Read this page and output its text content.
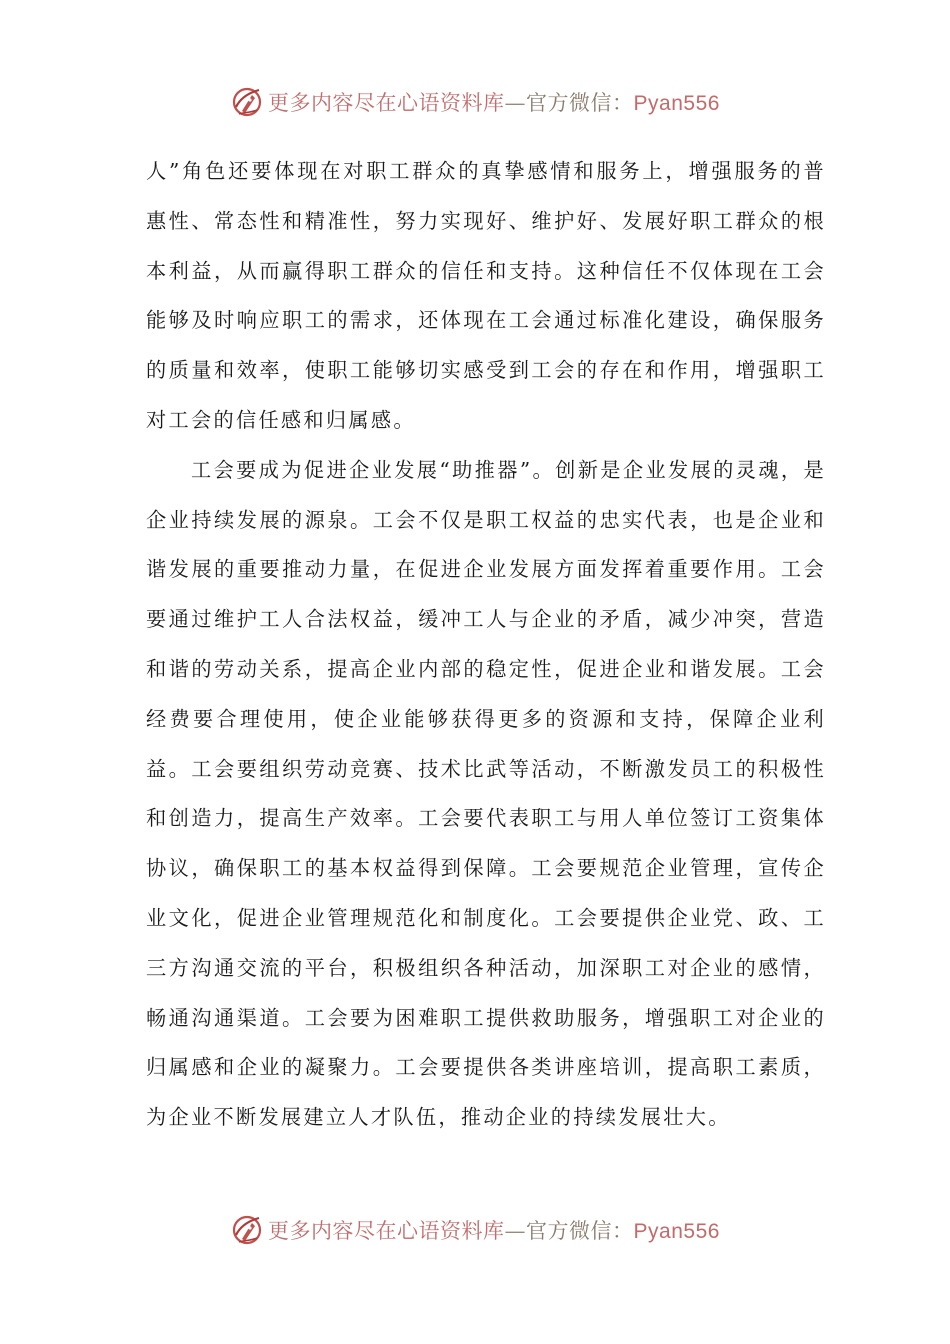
更多内容尽在心语资料库—官方微信：Pyan556

人”角色还要体现在对职工群众的真挚感情和服务上，增强服务的普惠性、常态性和精准性，努力实现好、维护好、发展好职工群众的根本利益，从而赢得职工群众的信任和支持。这种信任不仅体现在工会能够及时响应职工的需求，还体现在工会通过标准化建设，确保服务的质量和效率，使职工能够切实感受到工会的存在和作用，增强职工对工会的信任感和归属感。

工会要成为促进企业发展“助推器”。创新是企业发展的灵魂，是企业持续发展的源泉。工会不仅是职工权益的忠实代表，也是企业和谐发展的重要推动力量，在促进企业发展方面发挥着重要作用。工会要通过维护工人合法权益，缓冲工人与企业的矛盾，减少冲突，营造和谐的劳动关系，提高企业内部的稳定性，促进企业和谐发展。工会经费要合理使用，使企业能够获得更多的资源和支持，保障企业利益。工会要组织劳动竞赛、技术比武等活动，不断激发员工的积极性和创造力，提高生产效率。工会要代表职工与用人单位签订工资集体协议，确保职工的基本权益得到保障。工会要规范企业管理，宣传企业文化，促进企业管理规范化和制度化。工会要提供企业党、政、工三方沟通交流的平台，积极组织各种活动，加深职工对企业的感情，畅通沟通渠道。工会要为困难职工提供救助服务，增强职工对企业的归属感和企业的凝聚力。工会要提供各类讲座培训，提高职工素质，为企业不断发展建立人才队伍，推动企业的持续发展壮大。

更多内容尽在心语资料库—官方微信：Pyan556
